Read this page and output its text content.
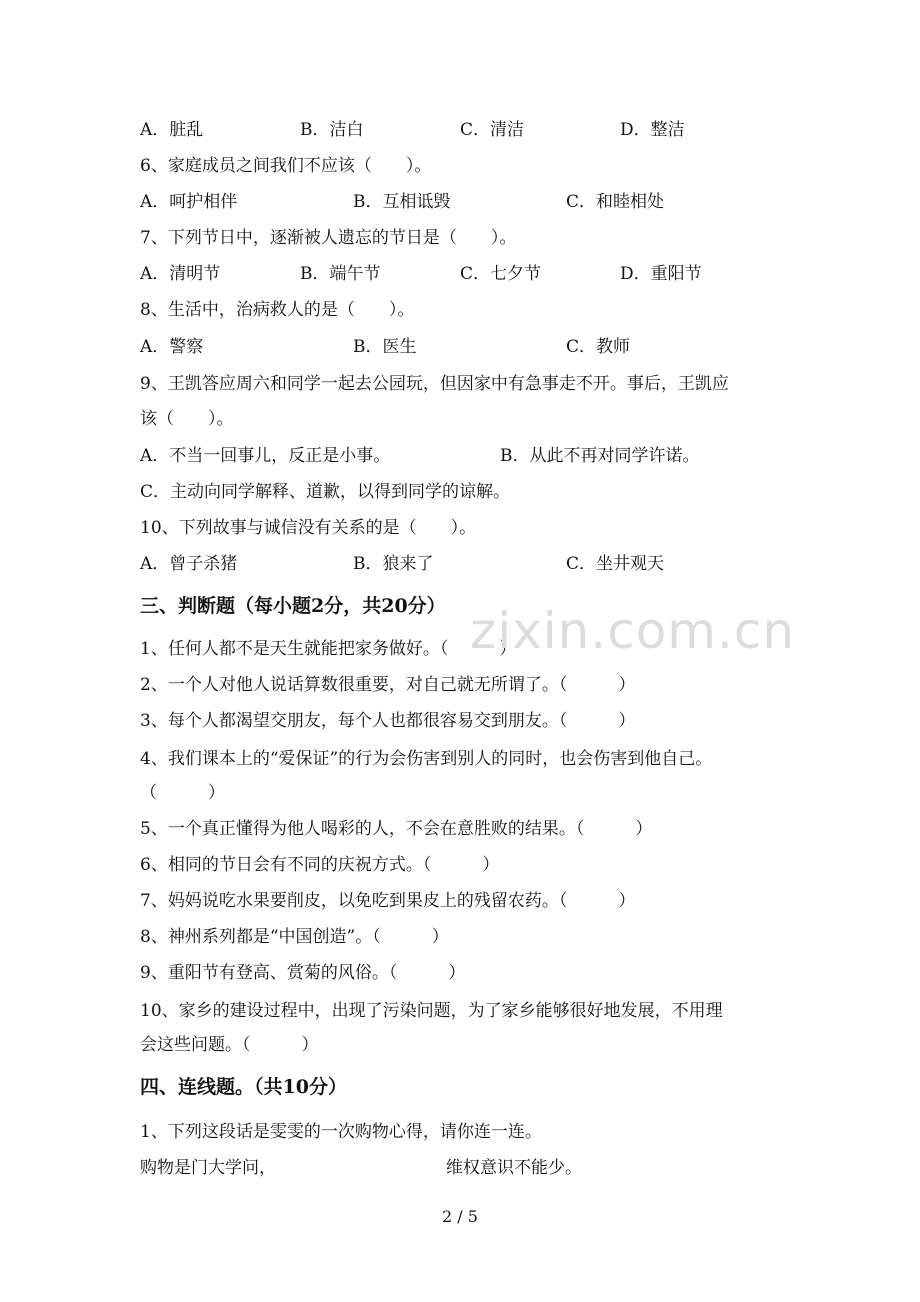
A．脏乱	B．洁白	C．清洁	D．整洁
6、家庭成员之间我们不应该（　　）。
A．呵护相伴	B．互相诋毁	C．和睦相处
7、下列节日中，逐渐被人遗忘的节日是（　　）。
A．清明节	B．端午节	C．七夕节	D．重阳节
8、生活中，治病救人的是（　　）。
A．警察	B．医生	C．教师
9、王凯答应周六和同学一起去公园玩，但因家中有急事走不开。事后，王凯应
该（　　）。
A．不当一回事儿，反正是小事。	B．从此不再对同学许诺。
C．主动向同学解释、道歉，以得到同学的谅解。
10、下列故事与诚信没有关系的是（　　）。
A．曾子杀猪	B．狼来了	C．坐井观天
三、判断题（每小题2分，共20分）
1、任何人都不是天生就能把家务做好。（　　　）
2、一个人对他人说话算数很重要，对自己就无所谓了。（　　　）
3、每个人都渴望交朋友，每个人也都很容易交到朋友。（　　　）
4、我们课本上的“爱保证”的行为会伤害到别人的同时，也会伤害到他自己。
（　　　）
5、一个真正懂得为他人喝彩的人，不会在意胜败的结果。（　　　）
6、相同的节日会有不同的庆祝方式。（　　　）
7、妈妈说吃水果要削皮，以免吃到果皮上的残留农药。（　　　）
8、神州系列都是“中国创造”。（　　　）
9、重阳节有登高、赏菊的风俗。（　　　）
10、家乡的建设过程中，出现了污染问题，为了家乡能够很好地发展，不用理
会这些问题。（　　　）
四、连线题。（共10分）
1、下列这段话是雯雯的一次购物心得，请你连一连。
购物是门大学问，	维权意识不能少。
zixin.com.cn
2 / 5
